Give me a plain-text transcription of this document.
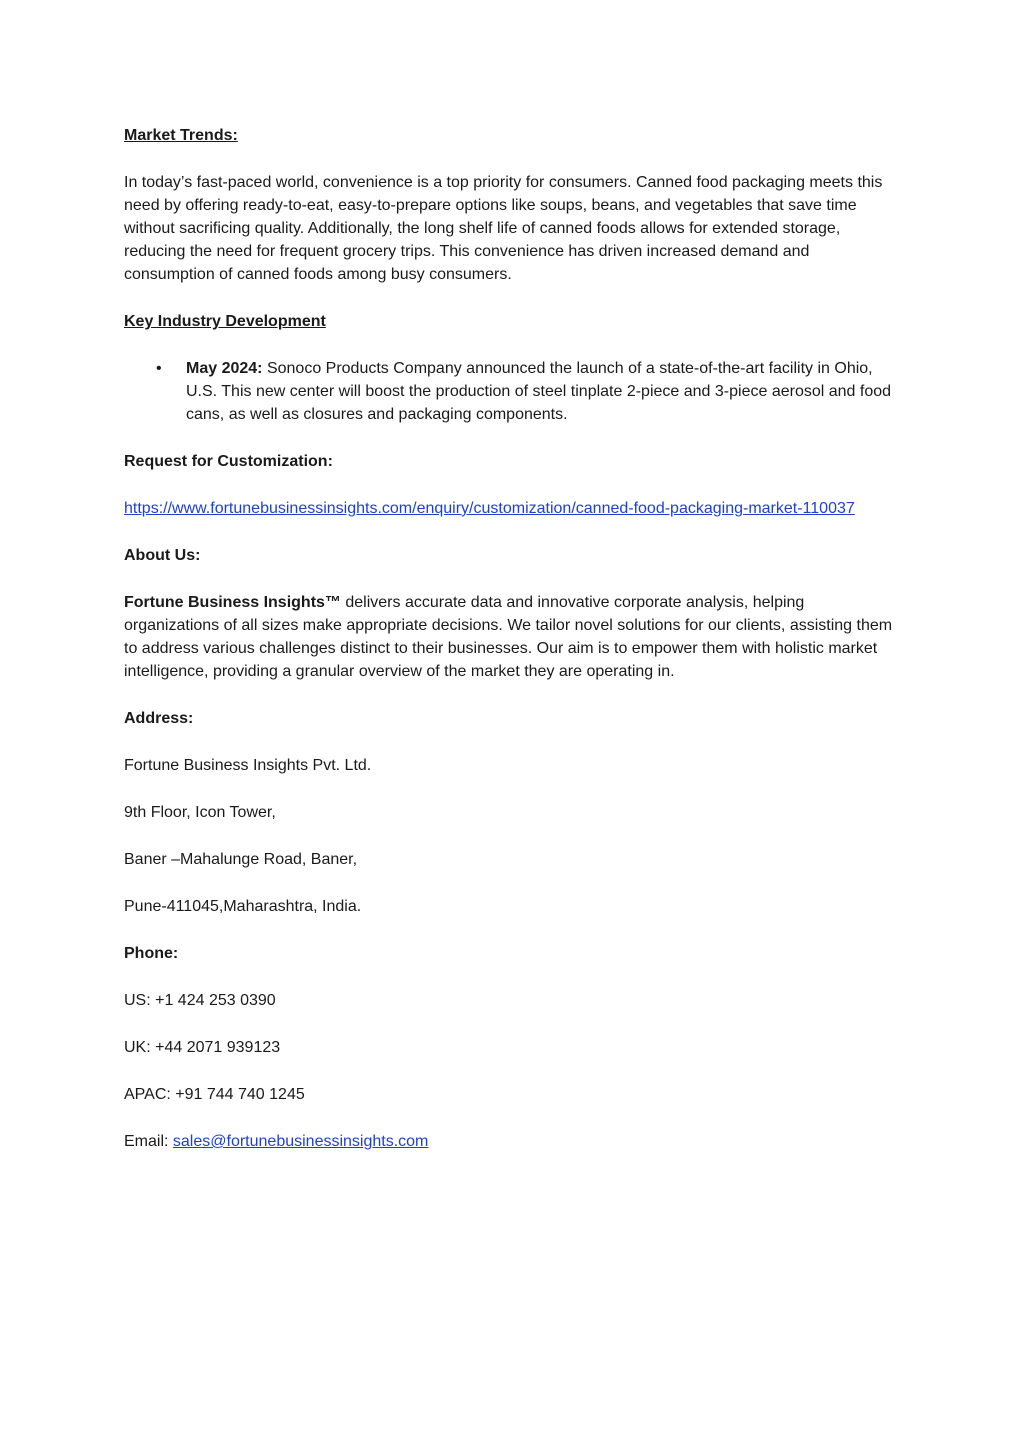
Market Trends:
In today’s fast-paced world, convenience is a top priority for consumers. Canned food packaging meets this need by offering ready-to-eat, easy-to-prepare options like soups, beans, and vegetables that save time without sacrificing quality. Additionally, the long shelf life of canned foods allows for extended storage, reducing the need for frequent grocery trips. This convenience has driven increased demand and consumption of canned foods among busy consumers.
Key Industry Development
• May 2024: Sonoco Products Company announced the launch of a state-of-the-art facility in Ohio, U.S. This new center will boost the production of steel tinplate 2-piece and 3-piece aerosol and food cans, as well as closures and packaging components.
Request for Customization:
https://www.fortunebusinessinsights.com/enquiry/customization/canned-food-packaging-market-110037
About Us:
Fortune Business Insights™ delivers accurate data and innovative corporate analysis, helping organizations of all sizes make appropriate decisions. We tailor novel solutions for our clients, assisting them to address various challenges distinct to their businesses. Our aim is to empower them with holistic market intelligence, providing a granular overview of the market they are operating in.
Address:
Fortune Business Insights Pvt. Ltd.
9th Floor, Icon Tower,
Baner –Mahalunge Road, Baner,
Pune-411045,Maharashtra, India.
Phone:
US: +1 424 253 0390
UK: +44 2071 939123
APAC: +91 744 740 1245
Email: sales@fortunebusinessinsights.com
